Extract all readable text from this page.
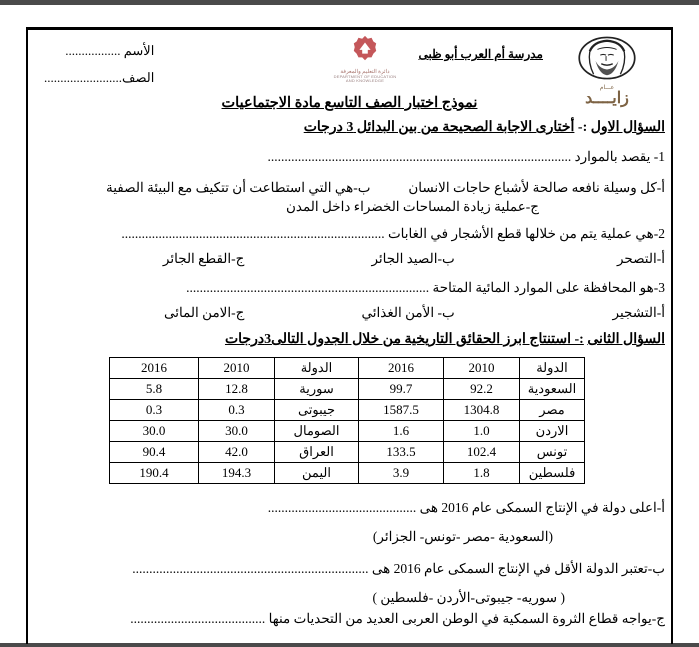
الأسم .................
الصف........................	دائرة التعليم والمعرفة
DEPARTMENT OF EDUCATION
AND KNOWLEDGE
مدرسة أم العرب أبو ظبى
عـــام
زايــــد
نموذج اختبار الصف التاسع مادة الاجتماعيات
السؤال الاول :- أختارى الاجابة الصحيحة من بين البدائل 3 درجات
1- يقصد بالموارد ..........................................................................................
أ-كل وسيلة نافعه صالحة لأشباع حاجات الانسان
ب-هي التي استطاعت أن تتكيف مع البيئة الصفية
ج-عملية زيادة المساحات الخضراء داخل المدن
2-هي عملية يتم من خلالها قطع الأشجار في الغابات ..............................................................................
أ-التصحر
ب-الصيد الجائر
ج-القطع الجائر
3-هو المحافظة على الموارد المائية المتاحة ........................................................................
أ-التشجير
ب- الأمن الغذائي
ج-الامن المائى
السؤال الثانى :- استنتاج ابرز الحقائق التاريخية من خلال الجدول التالى3درجات
الدولة	2010	2016	الدولة	2010	2016
السعودية	92.2	99.7	سورية	12.8	5.8
مصر	1304.8	1587.5	جيبوتى	0.3	0.3
الاردن	1.0	1.6	الصومال	30.0	30.0
تونس	102.4	133.5	العراق	42.0	90.4
فلسطين	1.8	3.9	اليمن	194.3	190.4
أ-اعلى دولة في الإنتاج السمكى عام 2016 هى ............................................
(السعودية -مصر -تونس- الجزائر)
ب-تعتبر الدولة الأقل في الإنتاج السمكى عام 2016 هى ......................................................................
( سوريه- جيبوتى-الأردن -فلسطين )
ج-يواجه قطاع الثروة السمكية في الوطن العربى العديد من التحديات منها ........................................
